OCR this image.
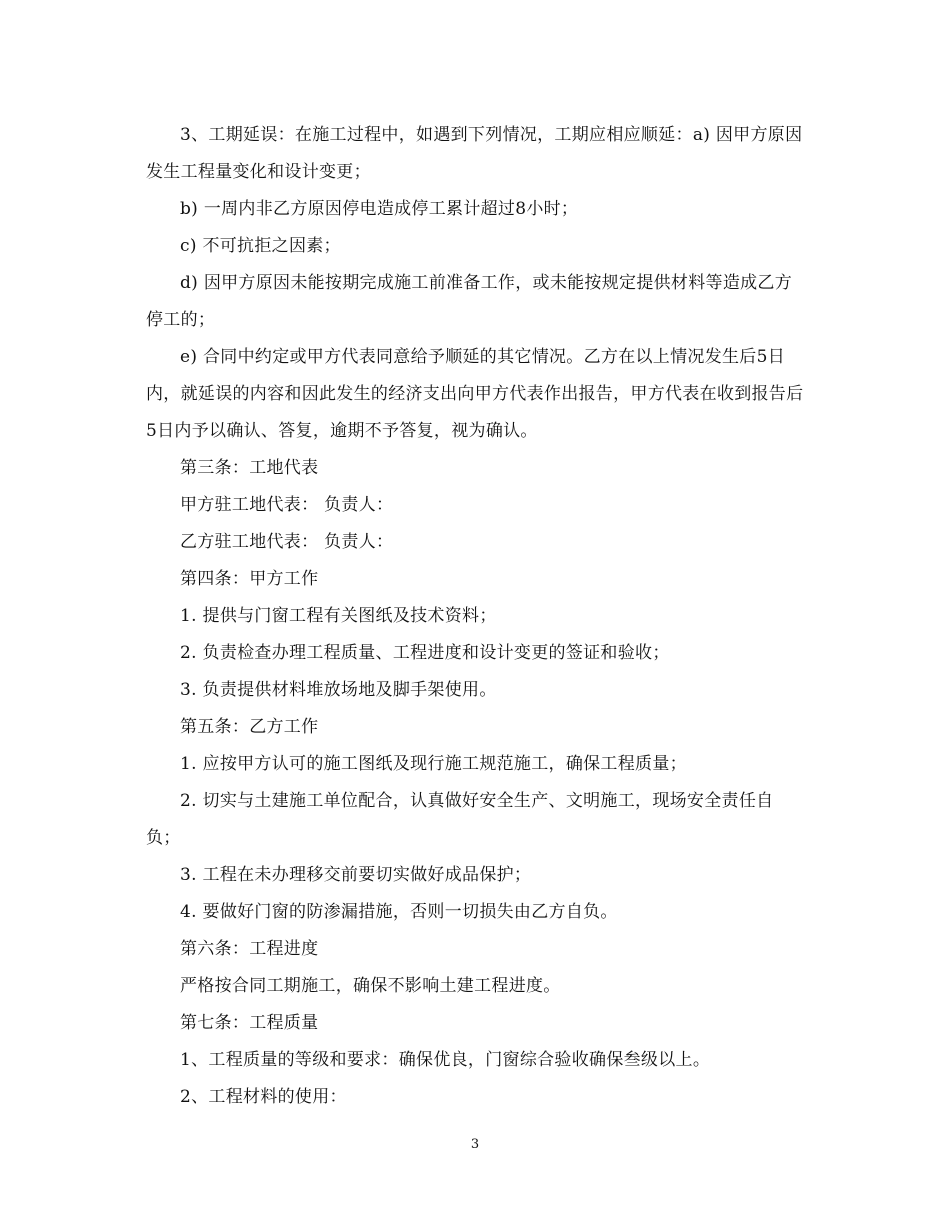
3、工期延误：在施工过程中，如遇到下列情况，工期应相应顺延：a) 因甲方原因发生工程量变化和设计变更；

b) 一周内非乙方原因停电造成停工累计超过8小时；

c) 不可抗拒之因素；

d) 因甲方原因未能按期完成施工前准备工作，或未能按规定提供材料等造成乙方停工的；

e) 合同中约定或甲方代表同意给予顺延的其它情况。乙方在以上情况发生后5日内，就延误的内容和因此发生的经济支出向甲方代表作出报告，甲方代表在收到报告后5日内予以确认、答复，逾期不予答复，视为确认。

第三条：工地代表

甲方驻工地代表： 负责人：

乙方驻工地代表： 负责人：

第四条：甲方工作

1. 提供与门窗工程有关图纸及技术资料；

2. 负责检查办理工程质量、工程进度和设计变更的签证和验收；

3. 负责提供材料堆放场地及脚手架使用。

第五条：乙方工作

1. 应按甲方认可的施工图纸及现行施工规范施工，确保工程质量；

2. 切实与土建施工单位配合，认真做好安全生产、文明施工，现场安全责任自负；

3. 工程在未办理移交前要切实做好成品保护；

4. 要做好门窗的防渗漏措施，否则一切损失由乙方自负。

第六条：工程进度

严格按合同工期施工，确保不影响土建工程进度。

第七条：工程质量

1、工程质量的等级和要求：确保优良，门窗综合验收确保叁级以上。

2、工程材料的使用：

3
